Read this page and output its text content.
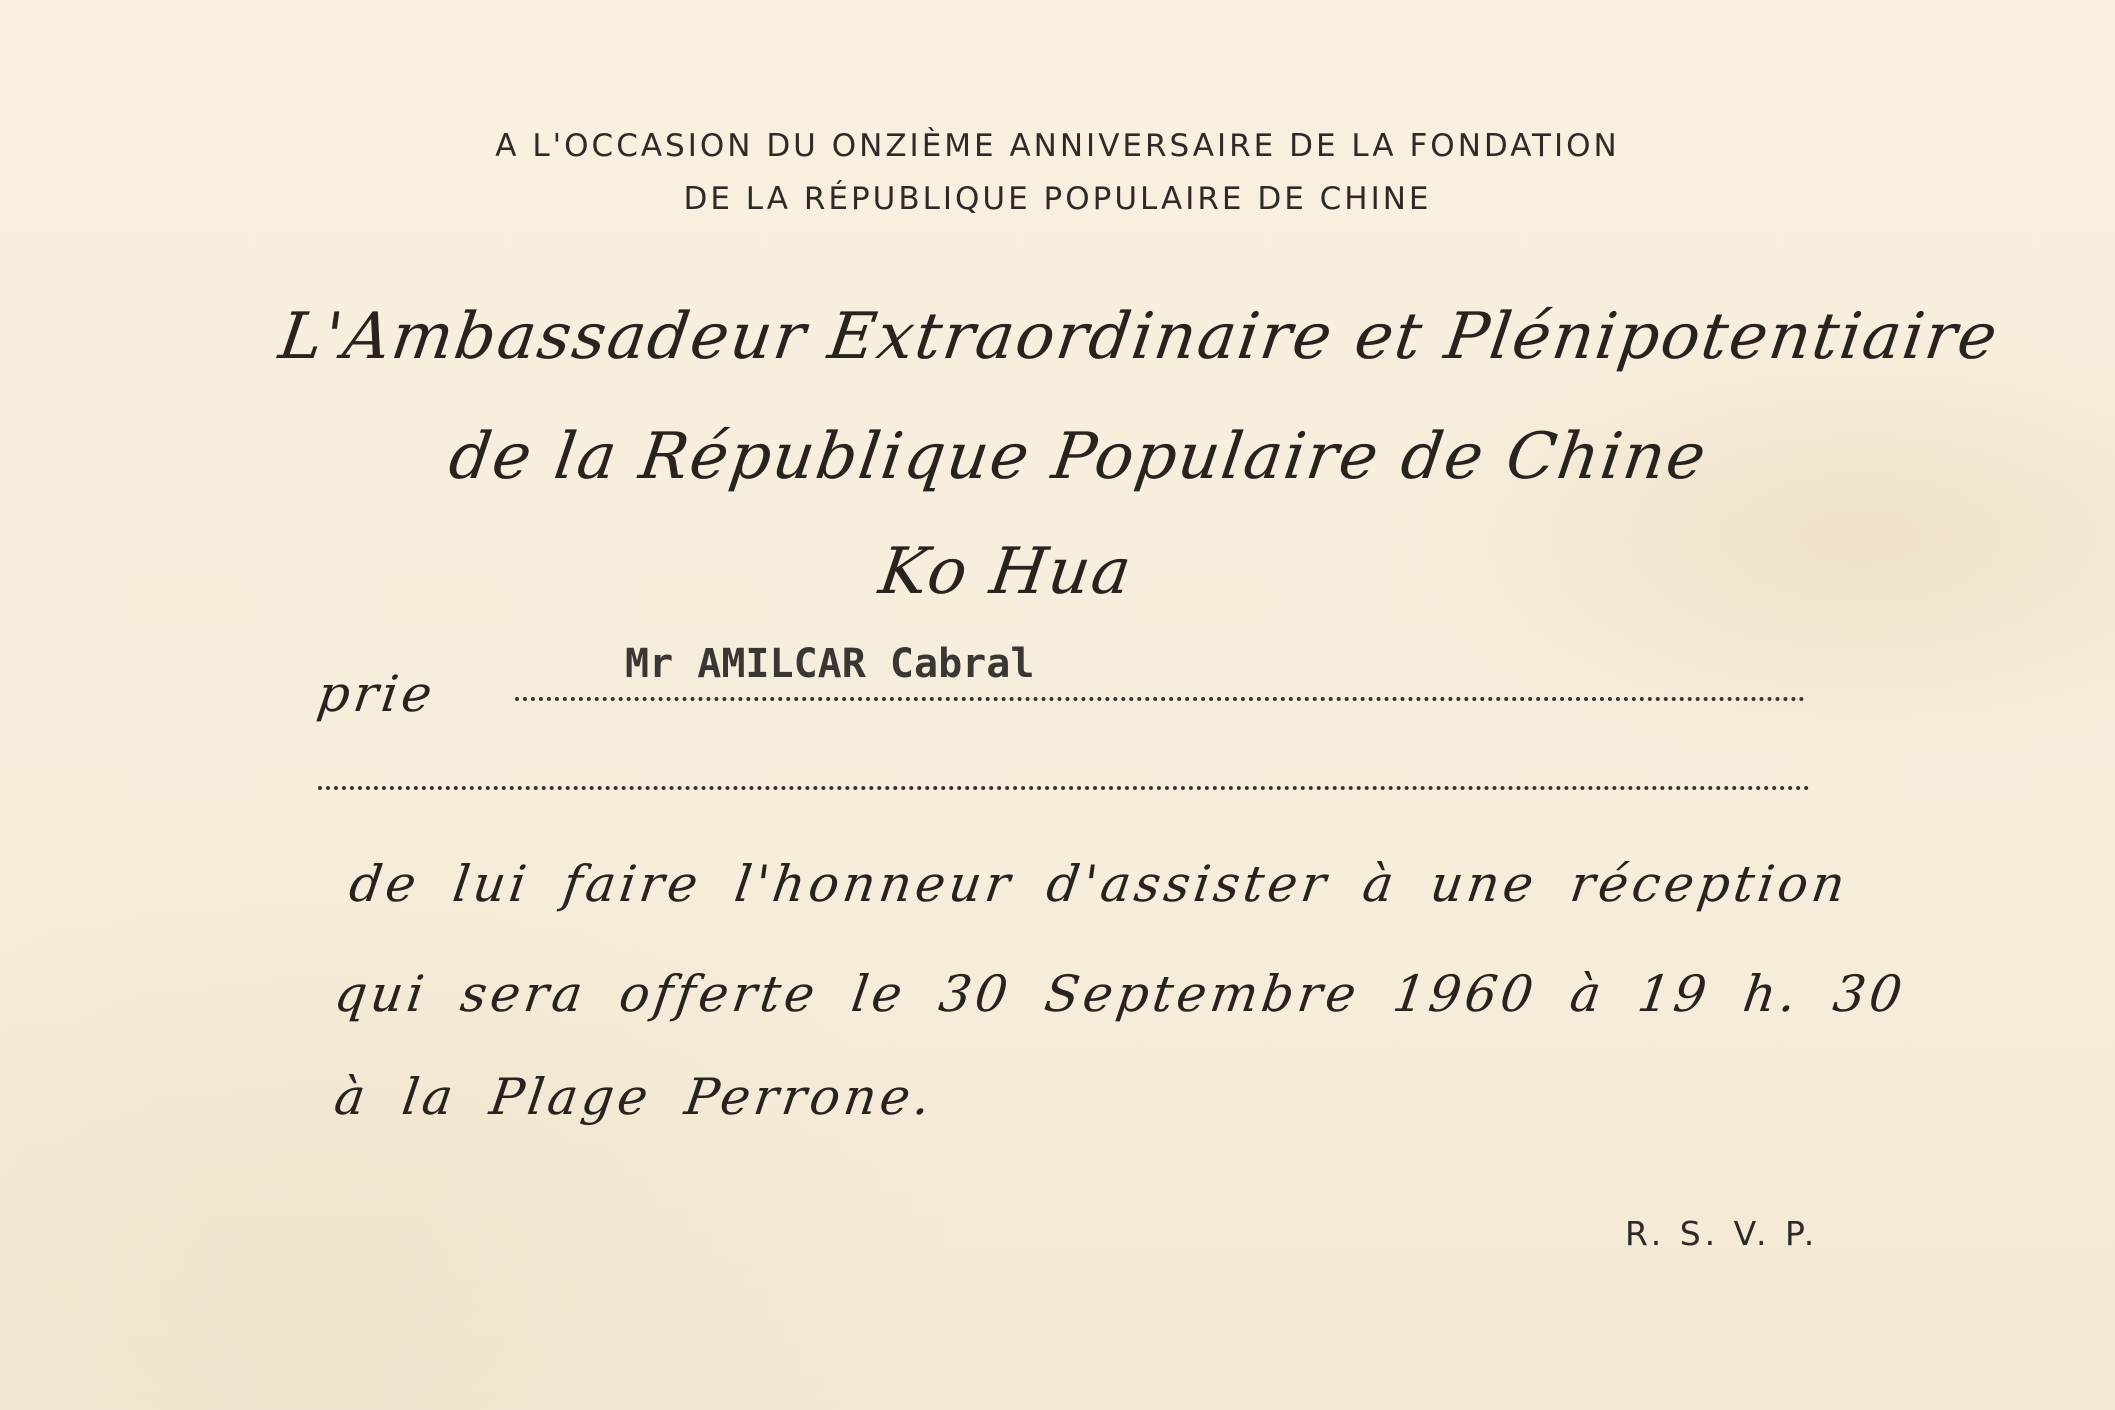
A L'OCCASION DU ONZIÈME ANNIVERSAIRE DE LA FONDATION
DE LA RÉPUBLIQUE POPULAIRE DE CHINE
L'Ambassadeur Extraordinaire et Plénipotentiaire
de la République Populaire de Chine
Ko Hua
prie
Mr AMILCAR Cabral
de lui faire l'honneur d'assister à une réception
qui sera offerte le 30 Septembre 1960 à 19 h. 30
à la Plage Perrone.
R. S. V. P.
